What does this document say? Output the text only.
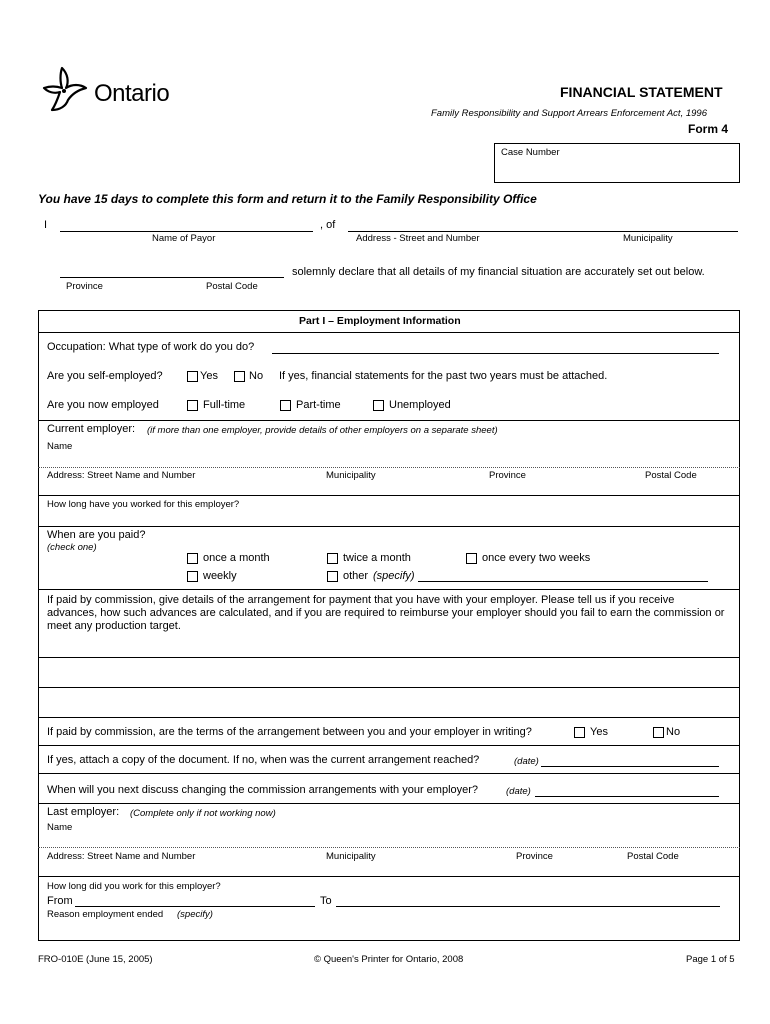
Ontario	FINANCIAL STATEMENT
Family Responsibility and Support Arrears Enforcement Act, 1996
Form 4
Case Number
You have 15 days to complete this form and return it to the Family Responsibility Office
I	, of
Name of Payor	Address - Street and Number	Municipality
solemnly declare that all details of my financial situation are accurately set out below.
Province	Postal Code
Part I – Employment Information
Occupation: What type of work do you do?
Are you self-employed?	Yes	No If yes, financial statements for the past two years must be attached.
Are you now employed	Full-time	Part-time	Unemployed
Current employer: (if more than one employer, provide details of other employers on a separate sheet)
Name
Address: Street Name and Number	Municipality	Province	Postal Code
How long have you worked for this employer?
When are you paid?
(check one)
once a month	twice a month	once every two weeks
weekly	other (specify)
If paid by commission, give details of the arrangement for payment that you have with your employer. Please tell us if you receive advances, how such advances are calculated, and if you are required to reimburse your employer should you fail to earn the commission or meet any production target.
If paid by commission, are the terms of the arrangement between you and your employer in writing?	Yes	No
If yes, attach a copy of the document. If no, when was the current arrangement reached?	(date)
When will you next discuss changing the commission arrangements with your employer?	(date)
Last employer: (Complete only if not working now)
Name
Address: Street Name and Number	Municipality	Province	Postal Code
How long did you work for this employer?
From	To
Reason employment ended (specify)
FRO-010E (June 15, 2005)	© Queen's Printer for Ontario, 2008	Page 1 of 5
